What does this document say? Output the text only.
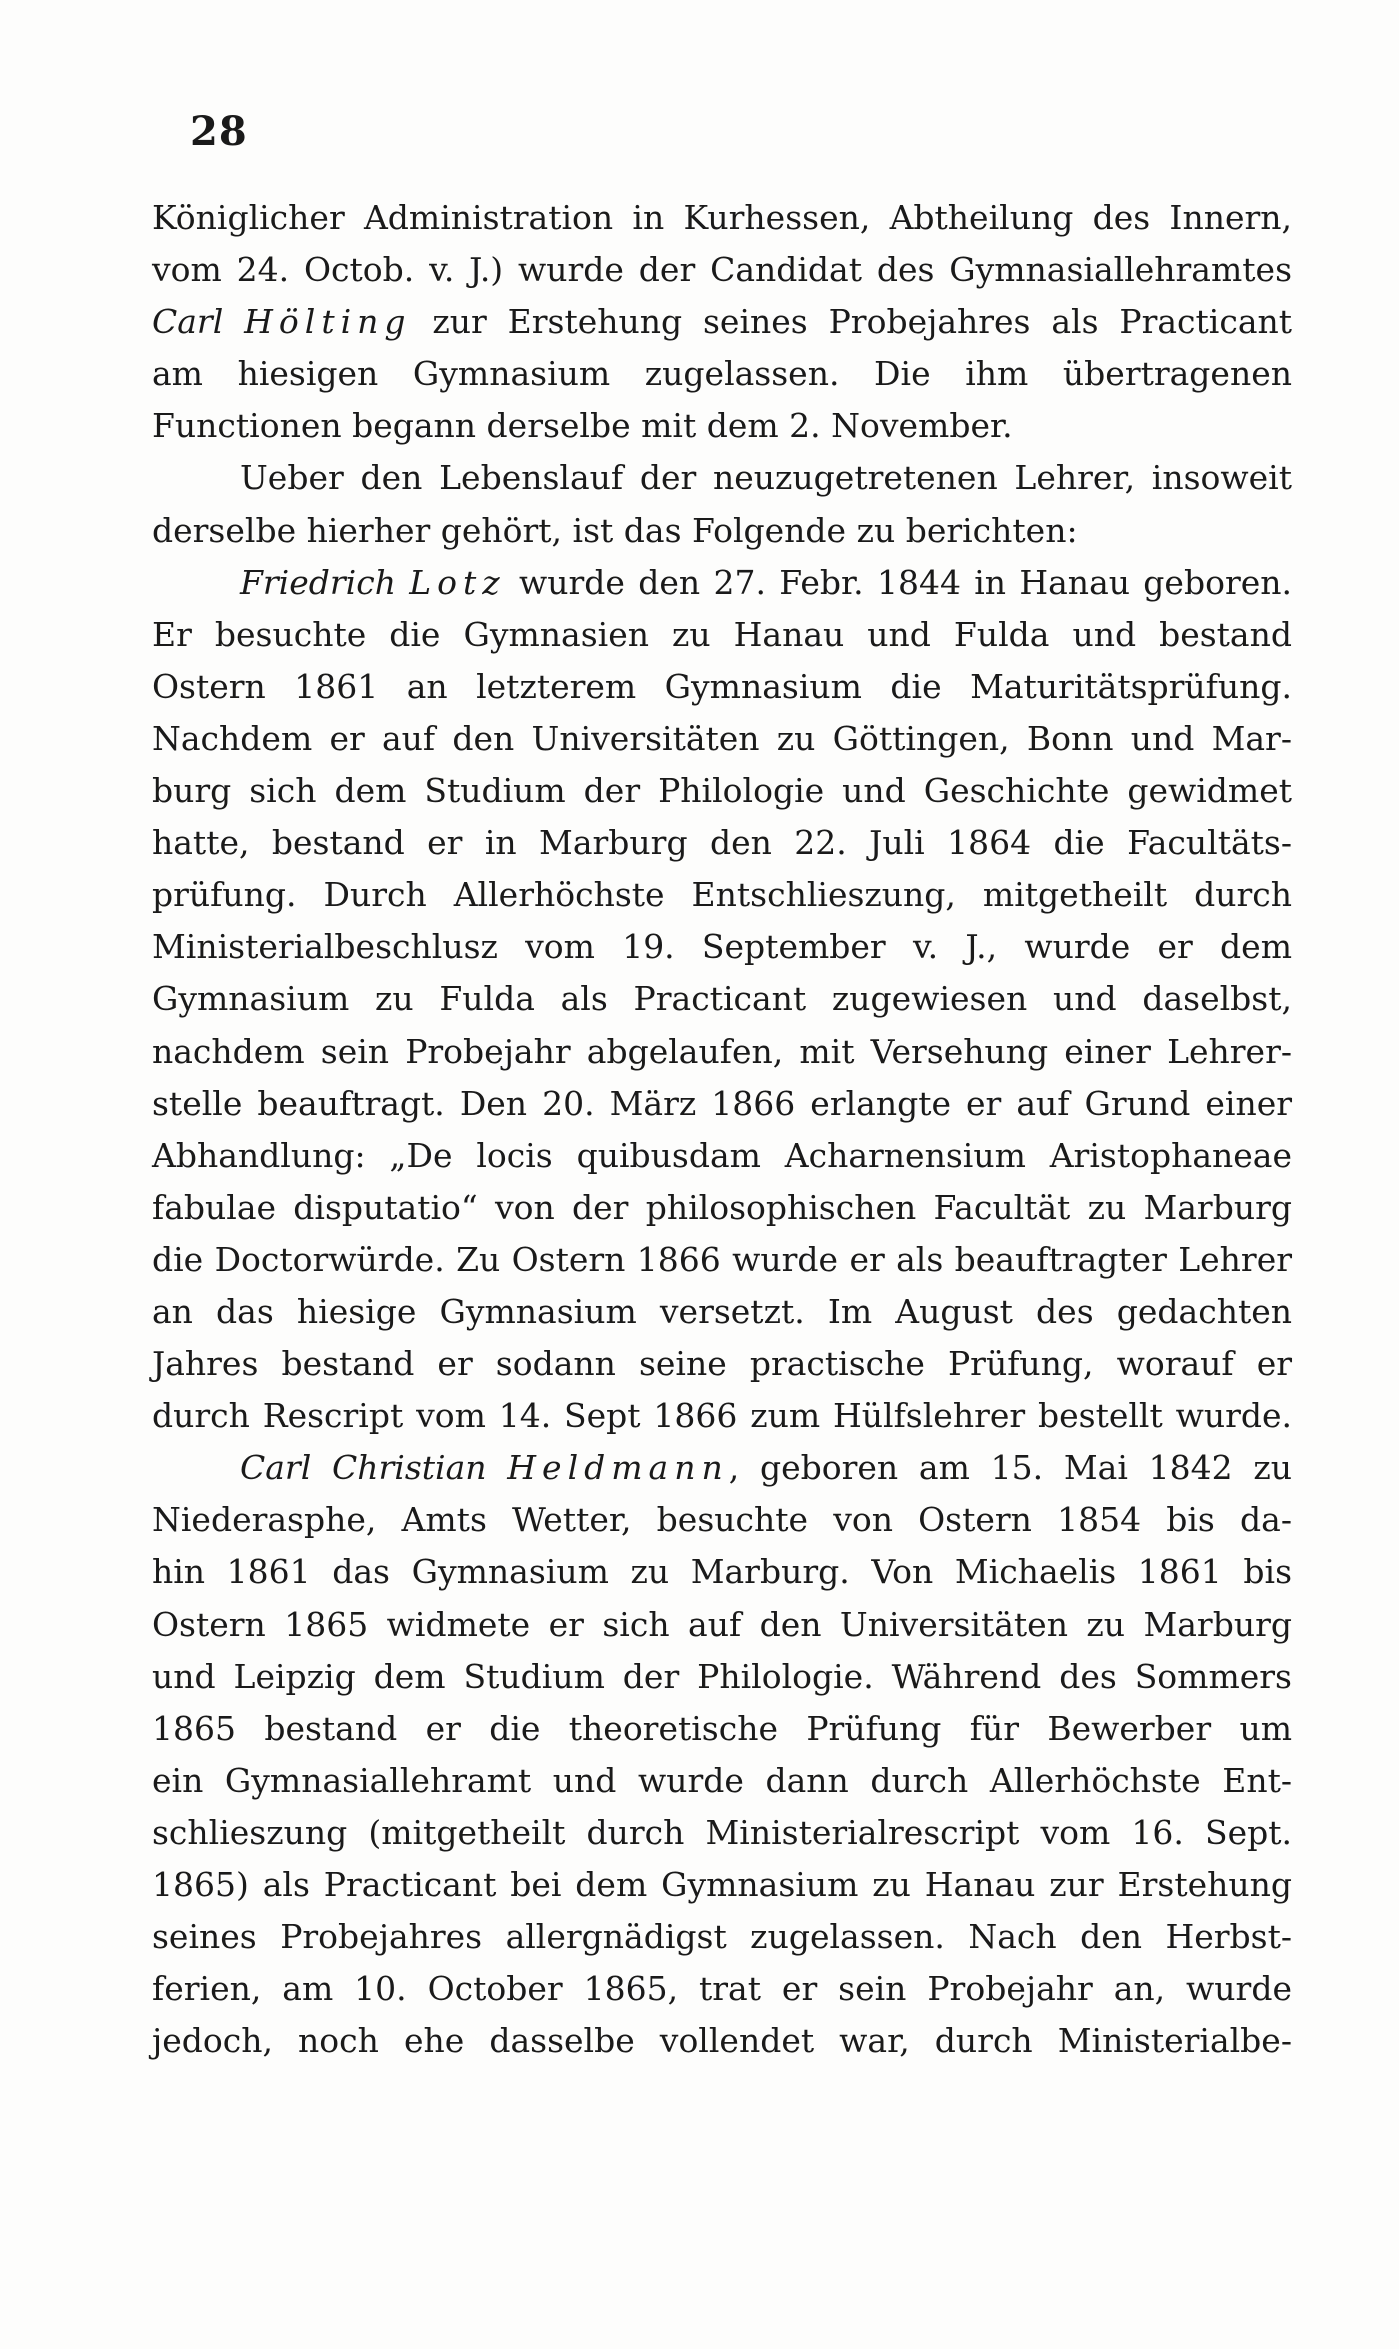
28
Königlicher Administration in Kurhessen, Abtheilung des Innern,
vom 24. Octob. v. J.) wurde der Candidat des Gymnasiallehramtes
Carl Hölting zur Erstehung seines Probejahres als Practicant
am hiesigen Gymnasium zugelassen. Die ihm übertragenen
Functionen begann derselbe mit dem 2. November.
Ueber den Lebenslauf der neuzugetretenen Lehrer, insoweit
derselbe hierher gehört, ist das Folgende zu berichten:
Friedrich Lotz wurde den 27. Febr. 1844 in Hanau geboren.
Er besuchte die Gymnasien zu Hanau und Fulda und bestand
Ostern 1861 an letzterem Gymnasium die Maturitätsprüfung.
Nachdem er auf den Universitäten zu Göttingen, Bonn und Mar-
burg sich dem Studium der Philologie und Geschichte gewidmet
hatte, bestand er in Marburg den 22. Juli 1864 die Facultäts-
prüfung. Durch Allerhöchste Entschlieszung, mitgetheilt durch
Ministerialbeschlusz vom 19. September v. J., wurde er dem
Gymnasium zu Fulda als Practicant zugewiesen und daselbst,
nachdem sein Probejahr abgelaufen, mit Versehung einer Lehrer-
stelle beauftragt. Den 20. März 1866 erlangte er auf Grund einer
Abhandlung: „De locis quibusdam Acharnensium Aristophaneae
fabulae disputatio“ von der philosophischen Facultät zu Marburg
die Doctorwürde. Zu Ostern 1866 wurde er als beauftragter Lehrer
an das hiesige Gymnasium versetzt. Im August des gedachten
Jahres bestand er sodann seine practische Prüfung, worauf er
durch Rescript vom 14. Sept 1866 zum Hülfslehrer bestellt wurde.
Carl Christian Heldmann, geboren am 15. Mai 1842 zu
Niederasphe, Amts Wetter, besuchte von Ostern 1854 bis da-
hin 1861 das Gymnasium zu Marburg. Von Michaelis 1861 bis
Ostern 1865 widmete er sich auf den Universitäten zu Marburg
und Leipzig dem Studium der Philologie. Während des Sommers
1865 bestand er die theoretische Prüfung für Bewerber um
ein Gymnasiallehramt und wurde dann durch Allerhöchste Ent-
schlieszung (mitgetheilt durch Ministerialrescript vom 16. Sept.
1865) als Practicant bei dem Gymnasium zu Hanau zur Erstehung
seines Probejahres allergnädigst zugelassen. Nach den Herbst-
ferien, am 10. October 1865, trat er sein Probejahr an, wurde
jedoch, noch ehe dasselbe vollendet war, durch Ministerialbe-
